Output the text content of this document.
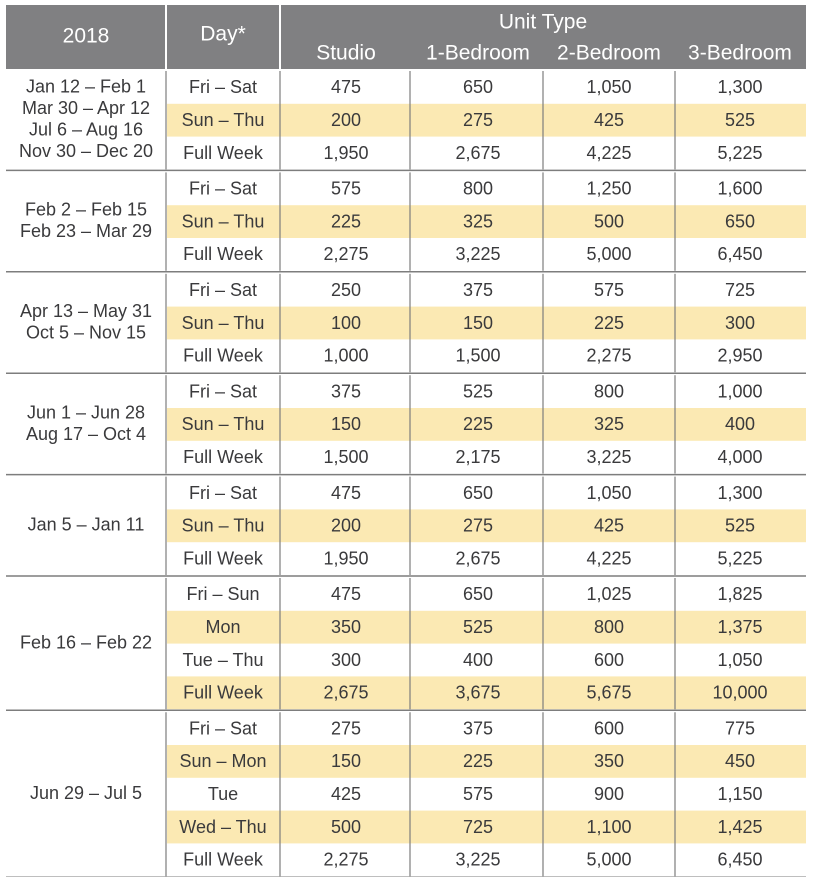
2018	Day*
Unit Type
Studio 1-Bedroom 2-Bedroom 3-Bedroom
Jan 12 – Feb 1
Mar 30 – Apr 12
Jul 6 – Aug 16
Nov 30 – Dec 20
Fri – Sat	475	650	1,050	1,300
Sun – Thu	200	275	425	525
Full Week	1,950	2,675	4,225	5,225
Feb 2 – Feb 15
Feb 23 – Mar 29
Fri – Sat	575	800	1,250	1,600
Sun – Thu	225	325	500	650
Full Week	2,275	3,225	5,000	6,450
Apr 13 – May 31
Oct 5 – Nov 15
Fri – Sat	250	375	575	725
Sun – Thu	100	150	225	300
Full Week	1,000	1,500	2,275	2,950
Jun 1 – Jun 28
Aug 17 – Oct 4
Fri – Sat	375	525	800	1,000
Sun – Thu	150	225	325	400
Full Week	1,500	2,175	3,225	4,000
Jan 5 – Jan 11
Fri – Sat	475	650	1,050	1,300
Sun – Thu	200	275	425	525
Full Week	1,950	2,675	4,225	5,225
Feb 16 – Feb 22
Fri – Sun	475	650	1,025	1,825
Mon	350	525	800	1,375
Tue – Thu	300	400	600	1,050
Full Week	2,675	3,675	5,675	10,000
Jun 29 – Jul 5
Fri – Sat	275	375	600	775
Sun – Mon	150	225	350	450
Tue	425	575	900	1,150
Wed – Thu	500	725	1,100	1,425
Full Week	2,275	3,225	5,000	6,450
